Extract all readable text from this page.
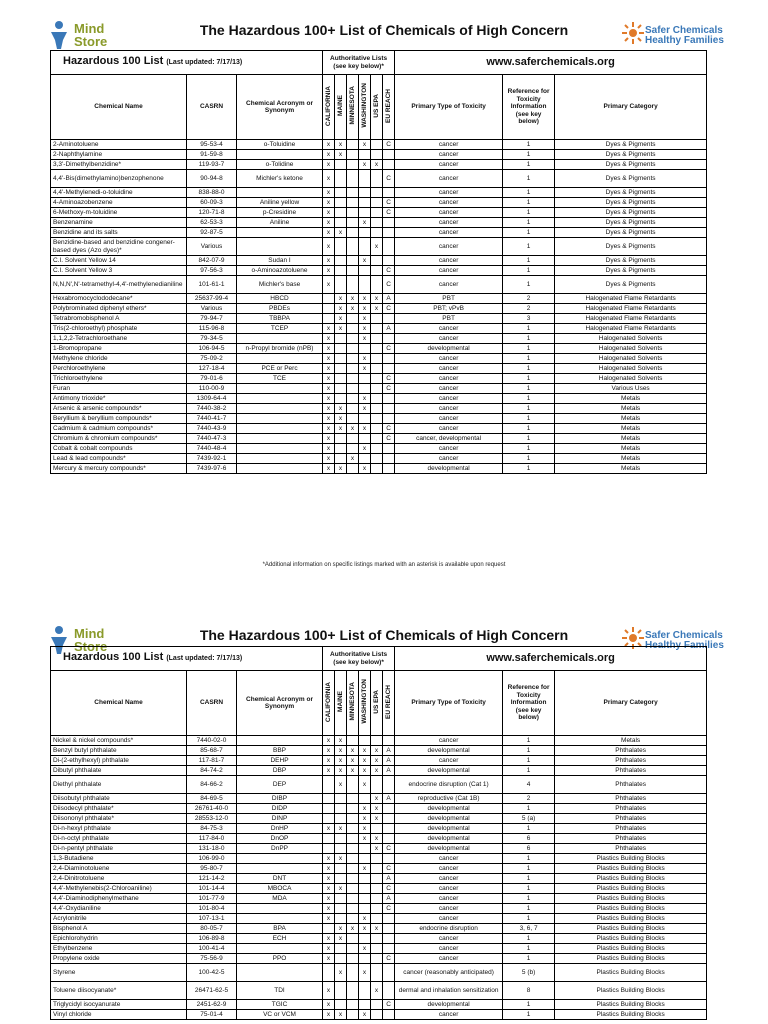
Mind
Store
The Hazardous 100+ List of Chemicals of High Concern	Safer Chemicals
Healthy Families
Hazardous 100 List (Last updated: 7/17/13)			Authoritative Lists (see key below)*						www.saferchemicals.org		
Chemical Name	CASRN	Chemical Acronym or Synonym	CALIFORNIA	MAINE	MINNESOTA	WASHINGTON	US EPA	EU REACH	Primary Type of Toxicity	Reference for Toxicity Information (see key below)	Primary Category
2-Aminotoluene	95-53-4	o-Toluidine	x	x		x		C	cancer	1	Dyes & Pigments
2-Naphthylamine	91-59-8		x	x					cancer	1	Dyes & Pigments
3,3'-Dimethylbenzidine*	119-93-7	o-Tolidine	x			x	x		cancer	1	Dyes & Pigments
4,4'-Bis(dimethylamino)benzophenone	90-94-8	Michler's ketone	x					C	cancer	1	Dyes & Pigments
4,4'-Methylenedi-o-toluidine	838-88-0		x						cancer	1	Dyes & Pigments
4-Aminoazobenzene	60-09-3	Aniline yellow	x					C	cancer	1	Dyes & Pigments
6-Methoxy-m-toluidine	120-71-8	p-Cresidine	x					C	cancer	1	Dyes & Pigments
Benzenamine	62-53-3	Aniline	x			x			cancer	1	Dyes & Pigments
Benzidine and its salts	92-87-5		x	x					cancer	1	Dyes & Pigments
Benzidine-based and benzidine congener-based dyes (Azo dyes)*	Various		x				x		cancer	1	Dyes & Pigments
C.I. Solvent Yellow 14	842-07-9	Sudan I	x			x			cancer	1	Dyes & Pigments
C.I. Solvent Yellow 3	97-56-3	o-Aminoazotoluene	x					C	cancer	1	Dyes & Pigments
N,N,N',N'-tetramethyl-4,4'-methylenedianiline	101-61-1	Michler's base	x					C	cancer	1	Dyes & Pigments
Hexabromocyclododecane*	25637-99-4	HBCD		x	x	x	x	A	PBT	2	Halogenated Flame Retardants
Polybrominated diphenyl ethers*	Various	PBDEs		x	x	x	x	C	PBT; vPvB	2	Halogenated Flame Retardants
Tetrabromobisphenol A	79-94-7	TBBPA		x		x			PBT	3	Halogenated Flame Retardants
Tris(2-chloroethyl) phosphate	115-96-8	TCEP	x	x		x		A	cancer	1	Halogenated Flame Retardants
1,1,2,2-Tetrachloroethane	79-34-5		x			x			cancer	1	Halogenated Solvents
1-Bromopropane	106-94-5	n-Propyl bromide (nPB)	x					C	developmental	1	Halogenated Solvents
Methylene chloride	75-09-2		x			x			cancer	1	Halogenated Solvents
Perchloroethylene	127-18-4	PCE or Perc	x			x			cancer	1	Halogenated Solvents
Trichloroethylene	79-01-6	TCE	x					C	cancer	1	Halogenated Solvents
Furan	110-00-9		x					C	cancer	1	Various Uses
Antimony trioxide*	1309-64-4		x			x			cancer	1	Metals
Arsenic & arsenic compounds*	7440-38-2		x	x		x			cancer	1	Metals
Beryllium & beryllium compounds*	7440-41-7		x	x					cancer	1	Metals
Cadmium & cadmium compounds*	7440-43-9		x	x	x	x		C	cancer	1	Metals
Chromium & chromium compounds*	7440-47-3		x					C	cancer, developmental	1	Metals
Cobalt & cobalt compounds	7440-48-4		x			x			cancer	1	Metals
Lead & lead compounds*	7439-92-1		x		x				cancer	1	Metals
Mercury & mercury compounds*	7439-97-6		x	x		x			developmental	1	Metals
*Additional information on specific listings marked with an asterisk is available upon request
Mind
Store
The Hazardous 100+ List of Chemicals of High Concern	Safer Chemicals
Healthy Families
Hazardous 100 List (Last updated: 7/17/13)			Authoritative Lists (see key below)*						www.saferchemicals.org		
Chemical Name	CASRN	Chemical Acronym or Synonym	CALIFORNIA	MAINE	MINNESOTA	WASHINGTON	US EPA	EU REACH	Primary Type of Toxicity	Reference for Toxicity Information (see key below)	Primary Category
Nickel & nickel compounds*	7440-02-0		x	x					cancer	1	Metals
Benzyl butyl phthalate	85-68-7	BBP	x	x	x	x	x	A	developmental	1	Phthalates
Di-(2-ethylhexyl) phthalate	117-81-7	DEHP	x	x	x	x	x	A	cancer	1	Phthalates
Dibutyl phthalate	84-74-2	DBP	x	x	x	x	x	A	developmental	1	Phthalates
Diethyl phthalate	84-66-2	DEP		x		x			endocrine disruption (Cat 1)	4	Phthalates
Diisobutyl phthalate	84-69-5	DIBP					x	A	reproductive (Cat 1B)	2	Phthalates
Diisodecyl phthalate*	26761-40-0	DIDP				x	x		developmental	1	Phthalates
Diisononyl phthalate*	28553-12-0	DINP				x	x		developmental	5 (a)	Phthalates
Di-n-hexyl phthalate	84-75-3	DnHP	x	x		x			developmental	1	Phthalates
Di-n-octyl phthalate	117-84-0	DnOP				x	x		developmental	6	Phthalates
Di-n-pentyl phthalate	131-18-0	DnPP					x	C	developmental	6	Phthalates
1,3-Butadiene	106-99-0		x	x					cancer	1	Plastics Building Blocks
2,4-Diaminotoluene	95-80-7		x			x		C	cancer	1	Plastics Building Blocks
2,4-Dinitrotoluene	121-14-2	DNT	x					A	cancer	1	Plastics Building Blocks
4,4'-Methylenebis(2-Chloroaniline)	101-14-4	MBOCA	x	x				C	cancer	1	Plastics Building Blocks
4,4'-Diaminodiphenylmethane	101-77-9	MDA	x					A	cancer	1	Plastics Building Blocks
4,4'-Oxydianiline	101-80-4		x					C	cancer	1	Plastics Building Blocks
Acrylonitrile	107-13-1		x			x			cancer	1	Plastics Building Blocks
Bisphenol A	80-05-7	BPA		x	x	x	x		endocrine disruption	3, 6, 7	Plastics Building Blocks
Epichlorohydrin	106-89-8	ECH	x	x					cancer	1	Plastics Building Blocks
Ethylbenzene	100-41-4		x			x			cancer	1	Plastics Building Blocks
Propylene oxide	75-56-9	PPO	x					C	cancer	1	Plastics Building Blocks
Styrene	100-42-5			x		x			cancer (reasonably anticipated)	5 (b)	Plastics Building Blocks
Toluene diisocyanate*	26471-62-5	TDI	x				x		dermal and inhalation sensitization	8	Plastics Building Blocks
Triglycidyl isocyanurate	2451-62-9	TGIC	x					C	developmental	1	Plastics Building Blocks
Vinyl chloride	75-01-4	VC or VCM	x	x		x			cancer	1	Plastics Building Blocks
